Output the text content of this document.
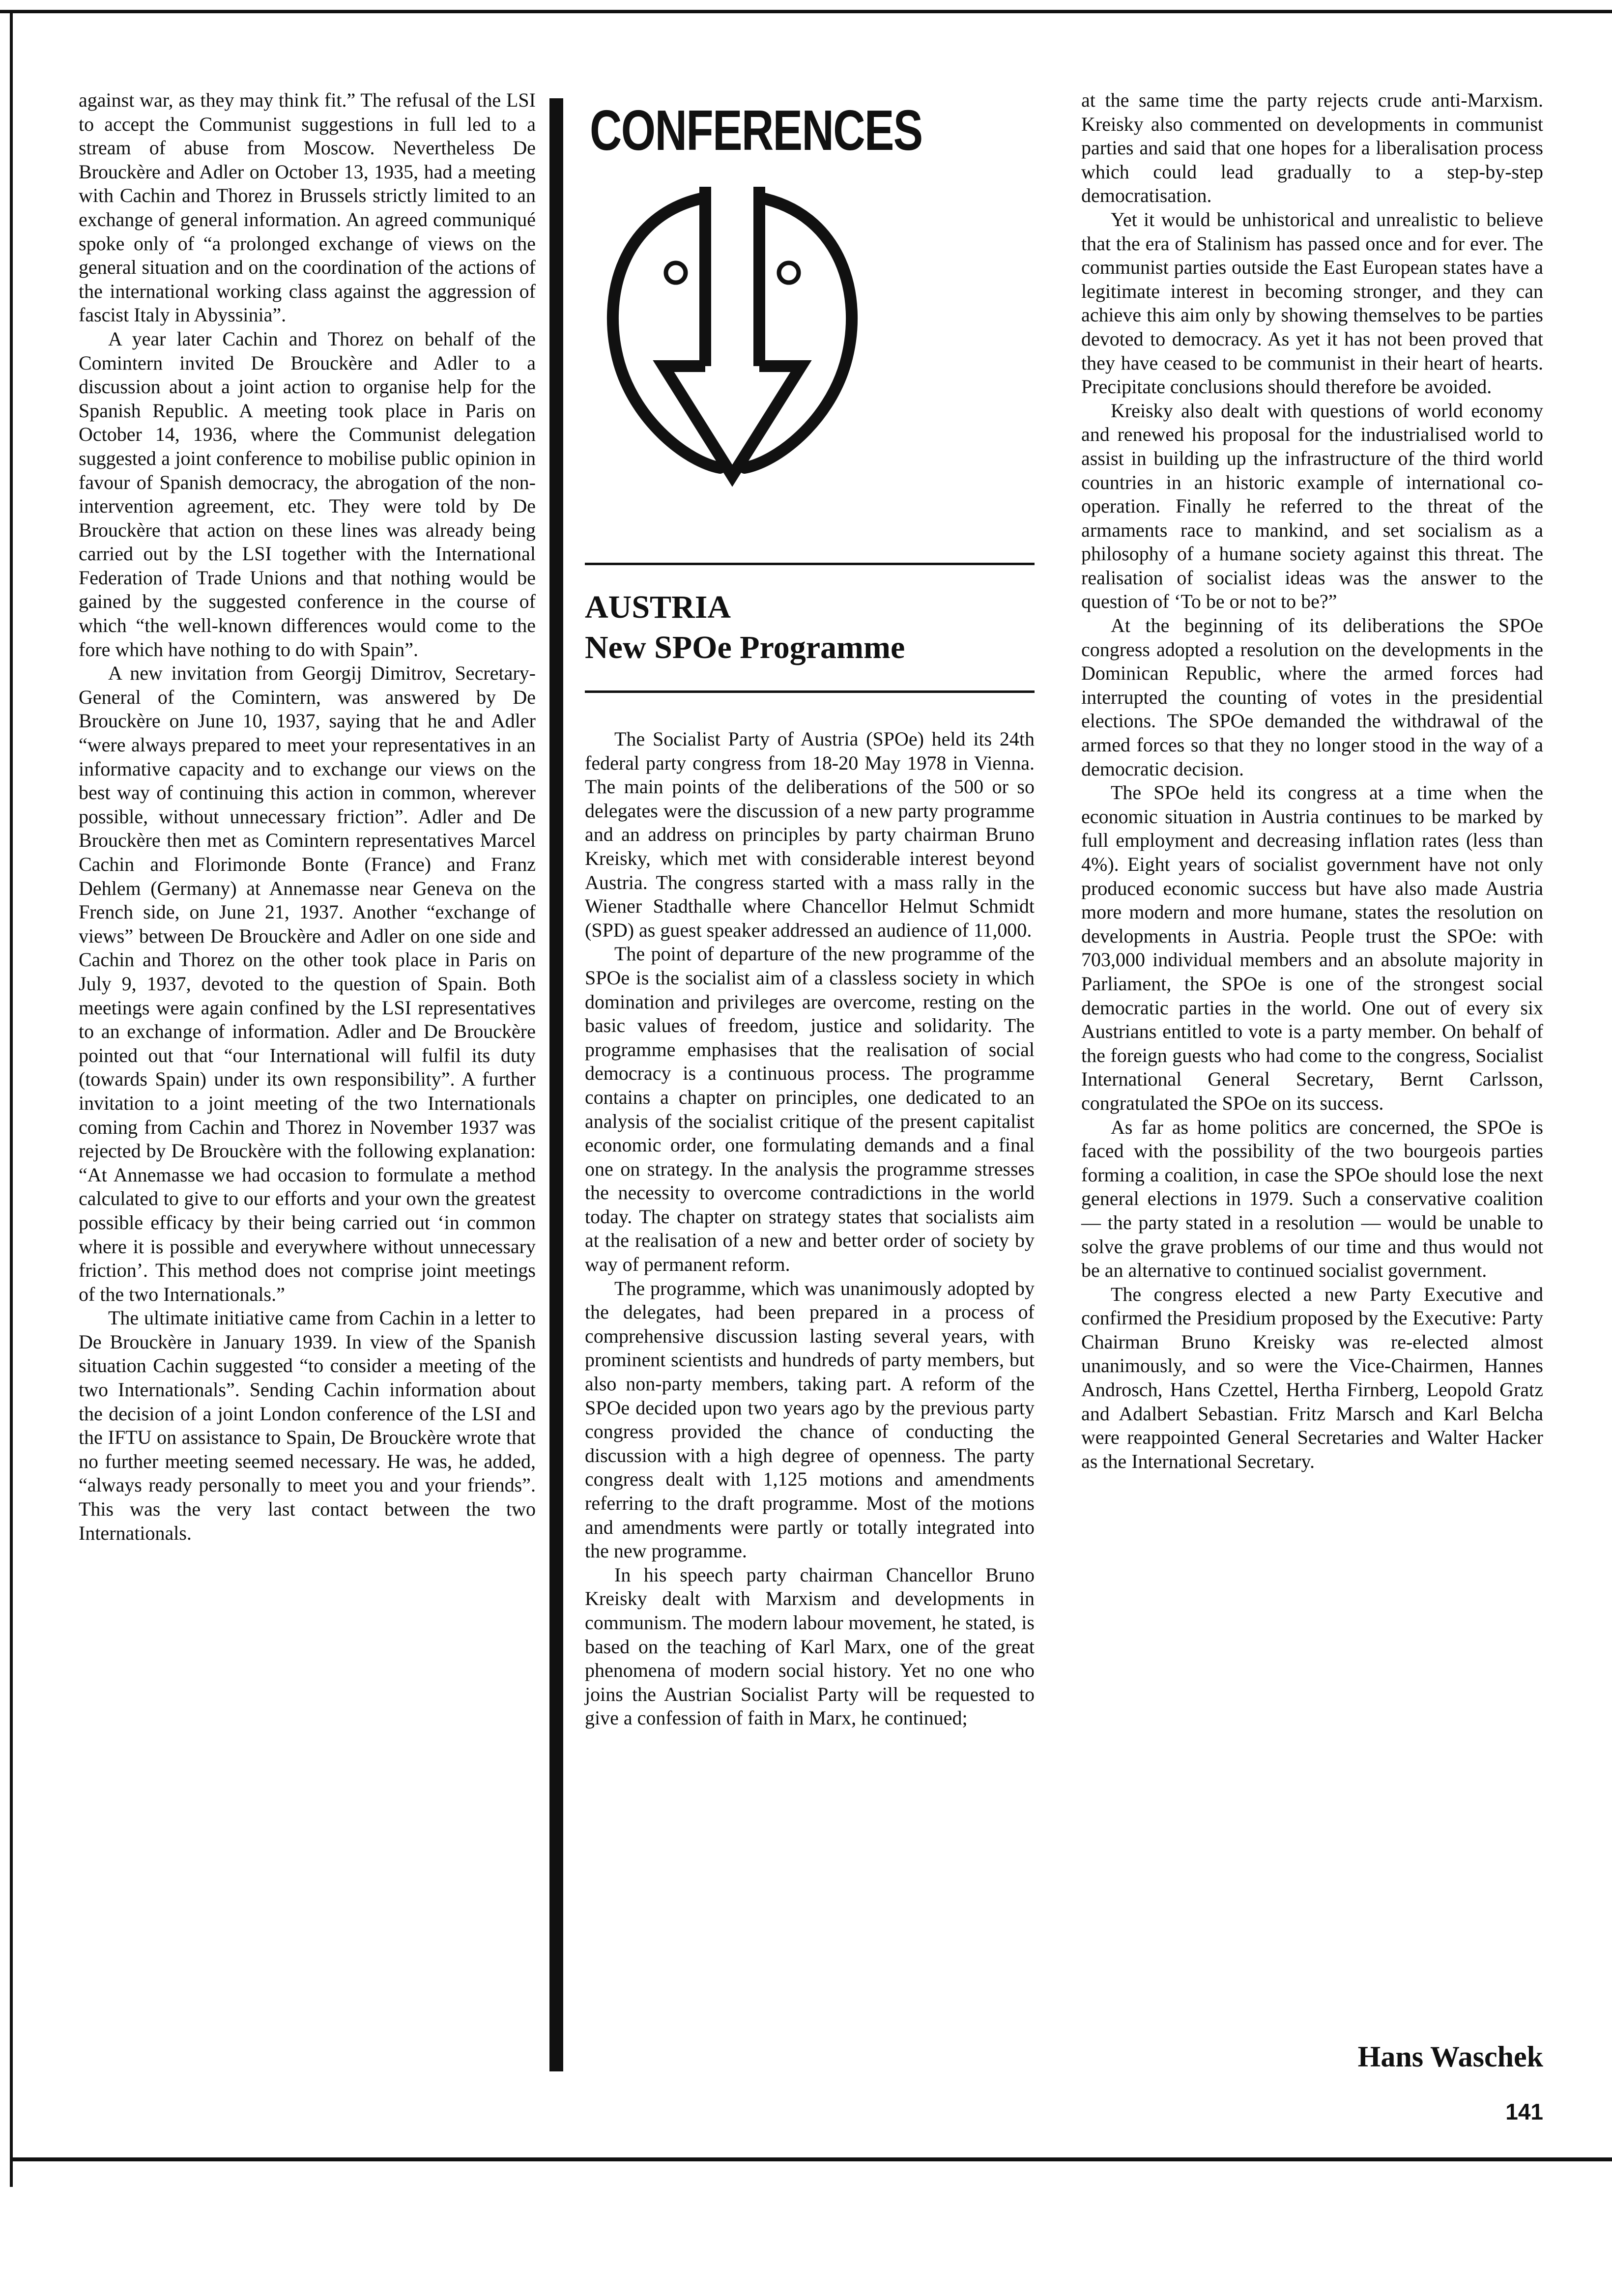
against war, as they may think fit.” The refusal of the LSI to accept the Communist suggestions in full led to a stream of abuse from Moscow. Nevertheless De Brouckère and Adler on October 13, 1935, had a meeting with Cachin and Thorez in Brussels strictly limited to an exchange of general information. An agreed communiqué spoke only of “a prolonged exchange of views on the general situation and on the coordination of the actions of the international working class against the aggression of fascist Italy in Abyssinia”.

A year later Cachin and Thorez on behalf of the Comintern invited De Brouckère and Adler to a discussion about a joint action to organise help for the Spanish Republic. A meeting took place in Paris on October 14, 1936, where the Communist delegation suggested a joint conference to mobilise public opinion in favour of Spanish democracy, the abrogation of the non-intervention agreement, etc. They were told by De Brouckère that action on these lines was already being carried out by the LSI together with the International Federation of Trade Unions and that nothing would be gained by the suggested conference in the course of which “the well-known differences would come to the fore which have nothing to do with Spain”.

A new invitation from Georgij Dimitrov, Secretary-General of the Comintern, was answered by De Brouckère on June 10, 1937, saying that he and Adler “were always prepared to meet your representatives in an informative capacity and to exchange our views on the best way of continuing this action in common, wherever possible, without unnecessary friction”. Adler and De Brouckère then met as Comintern representatives Marcel Cachin and Florimonde Bonte (France) and Franz Dehlem (Germany) at Annemasse near Geneva on the French side, on June 21, 1937. Another “exchange of views” between De Brouckère and Adler on one side and Cachin and Thorez on the other took place in Paris on July 9, 1937, devoted to the question of Spain. Both meetings were again confined by the LSI representatives to an exchange of information. Adler and De Brouckère pointed out that “our International will fulfil its duty (towards Spain) under its own responsibility”. A further invitation to a joint meeting of the two Internationals coming from Cachin and Thorez in November 1937 was rejected by De Brouckère with the following explanation: “At Annemasse we had occasion to formulate a method calculated to give to our efforts and your own the greatest possible efficacy by their being carried out ‘in common where it is possible and everywhere without unnecessary friction’. This method does not comprise joint meetings of the two Internationals.”

The ultimate initiative came from Cachin in a letter to De Brouckère in January 1939. In view of the Spanish situation Cachin suggested “to consider a meeting of the two Internationals”. Sending Cachin information about the decision of a joint London conference of the LSI and the IFTU on assistance to Spain, De Brouckère wrote that no further meeting seemed necessary. He was, he added, “always ready personally to meet you and your friends”. This was the very last contact between the two Internationals.

CONFERENCES
AUSTRIA
New SPOe Programme

The Socialist Party of Austria (SPOe) held its 24th federal party congress from 18-20 May 1978 in Vienna. The main points of the deliberations of the 500 or so delegates were the discussion of a new party programme and an address on principles by party chairman Bruno Kreisky, which met with considerable interest beyond Austria. The congress started with a mass rally in the Wiener Stadthalle where Chancellor Helmut Schmidt (SPD) as guest speaker addressed an audience of 11,000.

The point of departure of the new programme of the SPOe is the socialist aim of a classless society in which domination and privileges are overcome, resting on the basic values of freedom, justice and solidarity. The programme emphasises that the realisation of social democracy is a continuous process. The programme contains a chapter on principles, one dedicated to an analysis of the socialist critique of the present capitalist economic order, one formulating demands and a final one on strategy. In the analysis the programme stresses the necessity to overcome contradictions in the world today. The chapter on strategy states that socialists aim at the realisation of a new and better order of society by way of permanent reform.

The programme, which was unanimously adopted by the delegates, had been prepared in a process of comprehensive discussion lasting several years, with prominent scientists and hundreds of party members, but also non-party members, taking part. A reform of the SPOe decided upon two years ago by the previous party congress provided the chance of conducting the discussion with a high degree of openness. The party congress dealt with 1,125 motions and amendments referring to the draft programme. Most of the motions and amendments were partly or totally integrated into the new programme.

In his speech party chairman Chancellor Bruno Kreisky dealt with Marxism and developments in communism. The modern labour movement, he stated, is based on the teaching of Karl Marx, one of the great phenomena of modern social history. Yet no one who joins the Austrian Socialist Party will be requested to give a confession of faith in Marx, he continued;

at the same time the party rejects crude anti-Marxism. Kreisky also commented on developments in communist parties and said that one hopes for a liberalisation process which could lead gradually to a step-by-step democratisation.

Yet it would be unhistorical and unrealistic to believe that the era of Stalinism has passed once and for ever. The communist parties outside the East European states have a legitimate interest in becoming stronger, and they can achieve this aim only by showing themselves to be parties devoted to democracy. As yet it has not been proved that they have ceased to be communist in their heart of hearts. Precipitate conclusions should therefore be avoided.

Kreisky also dealt with questions of world economy and renewed his proposal for the industrialised world to assist in building up the infrastructure of the third world countries in an historic example of international co-operation. Finally he referred to the threat of the armaments race to mankind, and set socialism as a philosophy of a humane society against this threat. The realisation of socialist ideas was the answer to the question of ‘To be or not to be?”

At the beginning of its deliberations the SPOe congress adopted a resolution on the developments in the Dominican Republic, where the armed forces had interrupted the counting of votes in the presidential elections. The SPOe demanded the withdrawal of the armed forces so that they no longer stood in the way of a democratic decision.

The SPOe held its congress at a time when the economic situation in Austria continues to be marked by full employment and decreasing inflation rates (less than 4%). Eight years of socialist government have not only produced economic success but have also made Austria more modern and more humane, states the resolution on developments in Austria. People trust the SPOe: with 703,000 individual members and an absolute majority in Parliament, the SPOe is one of the strongest social democratic parties in the world. One out of every six Austrians entitled to vote is a party member. On behalf of the foreign guests who had come to the congress, Socialist International General Secretary, Bernt Carlsson, congratulated the SPOe on its success.

As far as home politics are concerned, the SPOe is faced with the possibility of the two bourgeois parties forming a coalition, in case the SPOe should lose the next general elections in 1979. Such a conservative coalition — the party stated in a resolution — would be unable to solve the grave problems of our time and thus would not be an alternative to continued socialist government.

The congress elected a new Party Executive and confirmed the Presidium proposed by the Executive: Party Chairman Bruno Kreisky was re-elected almost unanimously, and so were the Vice-Chairmen, Hannes Androsch, Hans Czettel, Hertha Firnberg, Leopold Gratz and Adalbert Sebastian. Fritz Marsch and Karl Belcha were reappointed General Secretaries and Walter Hacker as the International Secretary.

Hans Waschek
141
